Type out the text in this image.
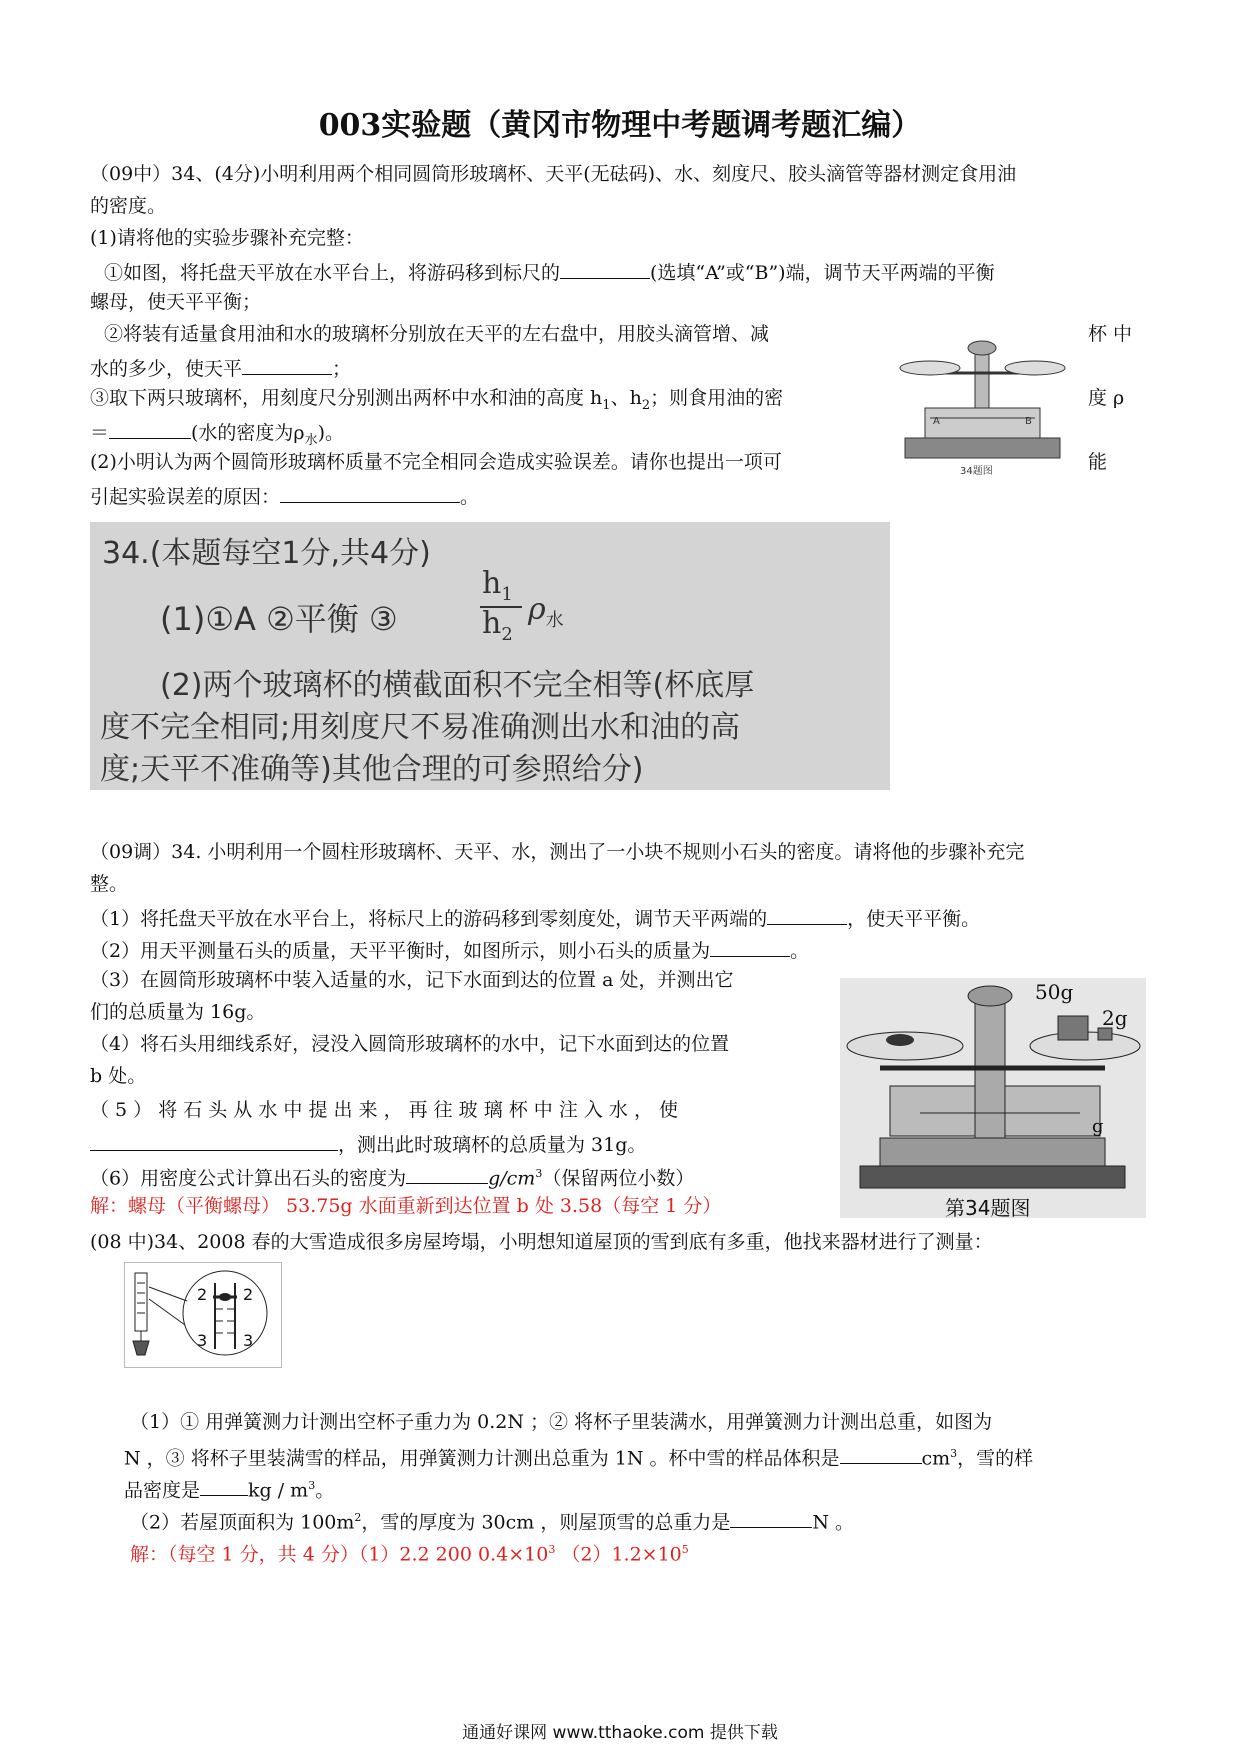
003实验题（黄冈市物理中考题调考题汇编）
（09中）34、(4分)小明利用两个相同圆筒形玻璃杯、天平(无砝码)、水、刻度尺、胶头滴管等器材测定食用油
的密度。
(1)请将他的实验步骤补充完整：
①如图，将托盘天平放在水平台上，将游码移到标尺的	(选填“A”或“B”)端，调节天平两端的平衡
螺母，使天平平衡；
②将装有适量食用油和水的玻璃杯分别放在天平的左右盘中，用胶头滴管增、减	杯 中
水的多少，使天平	；
③取下两只玻璃杯，用刻度尺分别测出两杯中水和油的高度 $h_1$、$h_2$；则食用油的密	度 ρ
＝	(水的密度为$\rho_水$)。
(2)小明认为两个圆筒形玻璃杯质量不完全相同会造成实验误差。请你也提出一项可	能
引起实验误差的原因：	。
A	B
34题图
34.(本题每空1分,共4分)
(1)①A ②平衡 ③
$h_1$
$h_2$
$\rho_水$
(2)两个玻璃杯的横截面积不完全相等(杯底厚
度不完全相同;用刻度尺不易准确测出水和油的高
度;天平不准确等)其他合理的可参照给分)
（09调）34. 小明利用一个圆柱形玻璃杯、天平、水，测出了一小块不规则小石头的密度。请将他的步骤补充完
整。
（1）将托盘天平放在水平台上，将标尺上的游码移到零刻度处，调节天平两端的	，使天平平衡。
（2）用天平测量石头的质量，天平平衡时，如图所示，则小石头的质量为	。
（3）在圆筒形玻璃杯中装入适量的水，记下水面到达的位置 a 处，并测出它
们的总质量为 16g。
（4）将石头用细线系好，浸没入圆筒形玻璃杯的水中，记下水面到达的位置
b 处。
（ 5 ） 将 石 头 从 水 中 提 出 来 ， 再 往 玻 璃 杯 中 注 入 水 ， 使
，测出此时玻璃杯的总质量为 31g。
（6）用密度公式计算出石头的密度为	$g/cm^3$（保留两位小数）
解：螺母（平衡螺母） 53.75g 水面重新到达位置 b 处 3.58（每空 1 分）
50g
2g
g
第34题图
(08 中)34、2008 春的大雪造成很多房屋垮塌，小明想知道屋顶的雪到底有多重，他找来器材进行了测量：
2 2
3 3
（1）① 用弹簧测力计测出空杯子重力为 0.2N ；② 将杯子里装满水，用弹簧测力计测出总重，如图为
N ，③ 将杯子里装满雪的样品，用弹簧测力计测出总重为 1N 。杯中雪的样品体积是	$cm^3$，雪的样
品密度是	kg / $m^3$。
（2）若屋顶面积为 $100m^2$，雪的厚度为 30cm ，则屋顶雪的总重力是	N 。
解：（每空 1 分，共 4 分）（1）2.2 200 $0.4\times 10^3$ $(2)1.2\times 10^5$
通通好课网 www.tthaoke.com 提供下载
